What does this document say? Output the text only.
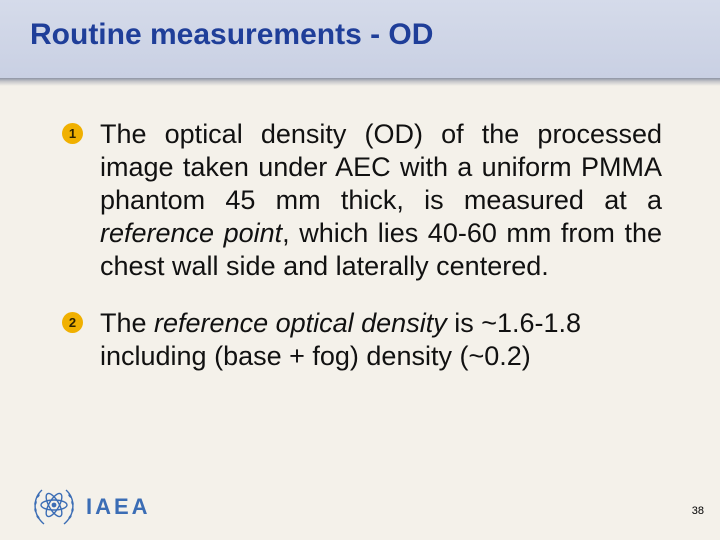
Routine measurements - OD
1 The optical density (OD) of the processed image taken under AEC with a uniform PMMA phantom 45 mm thick, is measured at a reference point, which lies 40-60 mm from the chest wall side and laterally centered.

2 The reference optical density is ~1.6-1.8 including (base + fog) density (~0.2)

IAEA	38
